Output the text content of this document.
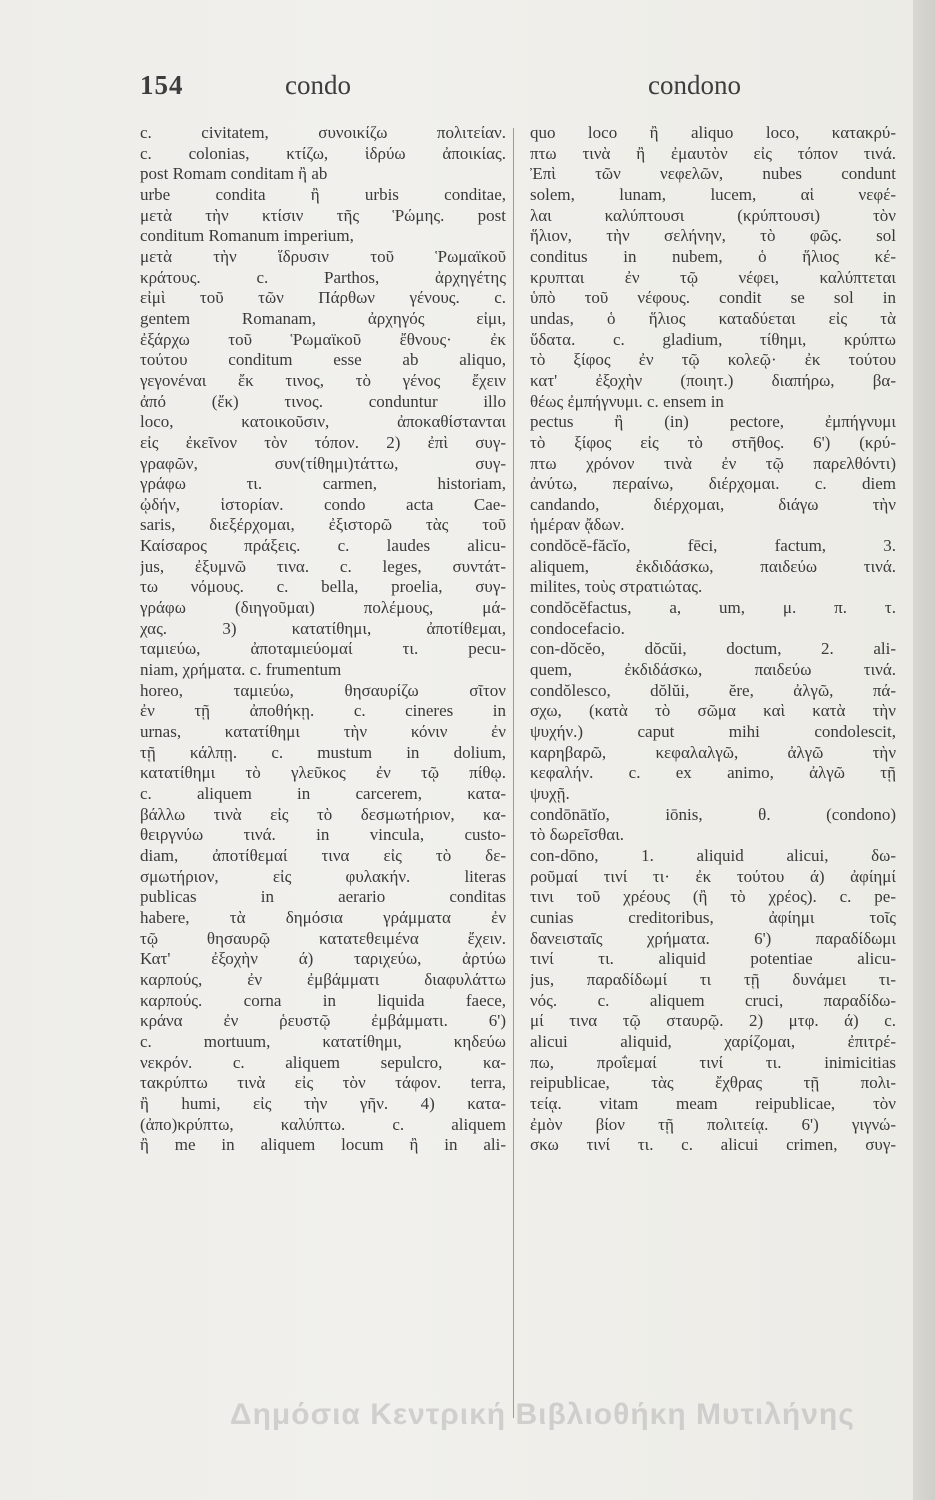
154	condo	condono
c. civitatem, συνοικίζω πολιτείαν.
c. colonias, κτίζω, ἱδρύω ἀποικίας.
post Romam conditam ἢ ab
urbe condita ἢ urbis conditae,
μετὰ τὴν κτίσιν τῆς Ῥώμης. post
conditum Romanum imperium,
μετὰ τὴν ἵδρυσιν τοῦ Ῥωμαϊκοῦ
κράτους. c. Parthos, ἀρχηγέτης
εἰμὶ τοῦ τῶν Πάρθων γένους. c.
gentem Romanam, ἀρχηγός εἰμι,
ἐξάρχω τοῦ Ῥωμαϊκοῦ ἔθνους· ἐκ
τούτου conditum esse ab aliquo,
γεγονέναι ἔκ τινος, τὸ γένος ἔχειν
ἀπό (ἔκ) τινος. conduntur illo
loco, κατοικοῦσιν, ἀποκαθίστανται
εἰς ἐκεῖνον τὸν τόπον. 2) ἐπὶ συγ-
γραφῶν, συν(τίθημι)τάττω, συγ-
γράφω τι. carmen, historiam,
ᾠδήν, ἱστορίαν. condo acta Cae-
saris, διεξέρχομαι, ἐξιστορῶ τὰς τοῦ
Καίσαρος πράξεις. c. laudes alicu-
jus, ἐξυμνῶ τινα. c. leges, συντάτ-
τω νόμους. c. bella, proelia, συγ-
γράφω (διηγοῦμαι) πολέμους, μά-
χας. 3) κατατίθημι, ἀποτίθεμαι,
ταμιεύω, ἀποταμιεύομαί τι. pecu-
niam, χρήματα. c. frumentum
horeo, ταμιεύω, θησαυρίζω σῖτον
ἐν τῇ ἀποθήκῃ. c. cineres in
urnas, κατατίθημι τὴν κόνιν ἐν
τῇ κάλπῃ. c. mustum in dolium,
κατατίθημι τὸ γλεῦκος ἐν τῷ πίθῳ.
c. aliquem in carcerem, κατα-
βάλλω τινὰ εἰς τὸ δεσμωτήριον, κα-
θειργνύω τινά. in vincula, custo-
diam, ἀποτίθεμαί τινα εἰς τὸ δε-
σμωτήριον, εἰς φυλακήν. literas
publicas in aerario conditas
habere, τὰ δημόσια γράμματα ἐν
τῷ θησαυρῷ κατατεθειμένα ἔχειν.
Κατ' ἐξοχὴν ά) ταριχεύω, ἀρτύω
καρπούς, ἐν ἐμβάμματι διαφυλάττω
καρπούς. corna in liquida faece,
κράνα ἐν ῥευστῷ ἐμβάμματι. 6')
c. mortuum, κατατίθημι, κηδεύω
νεκρόν. c. aliquem sepulcro, κα-
τακρύπτω τινὰ εἰς τὸν τάφον. terra,
ἢ humi, εἰς τὴν γῆν. 4) κατα-
(ἀπο)κρύπτω, καλύπτω. c. aliquem
ἢ me in aliquem locum ἢ in ali-
quo loco ἢ aliquo loco, κατακρύ-
πτω τινὰ ἢ ἐμαυτὸν εἰς τόπον τινά.
Ἐπὶ τῶν νεφελῶν, nubes condunt
solem, lunam, lucem, αἱ νεφέ-
λαι καλύπτουσι (κρύπτουσι) τὸν
ἥλιον, τὴν σελήνην, τὸ φῶς. sol
conditus in nubem, ὁ ἥλιος κέ-
κρυπται ἐν τῷ νέφει, καλύπτεται
ὑπὸ τοῦ νέφους. condit se sol in
undas, ὁ ἥλιος καταδύεται εἰς τὰ
ὕδατα. c. gladium, τίθημι, κρύπτω
τὸ ξίφος ἐν τῷ κολεῷ· ἐκ τούτου
κατ' ἐξοχὴν (ποιητ.) διαπήρω, βα-
θέως ἐμπήγνυμι. c. ensem in
pectus ἢ (in) pectore, ἐμπήγνυμι
τὸ ξίφος εἰς τὸ στῆθος. 6') (κρύ-
πτω χρόνον τινὰ ἐν τῷ παρελθόντι)
ἀνύτω, περαίνω, διέρχομαι. c. diem
candando, διέρχομαι, διάγω τὴν
ἡμέραν ᾄδων.
condŏcĕ-făcĭo, fēci, factum, 3.
aliquem, ἐκδιδάσκω, παιδεύω τινά.
milites, τοὺς στρατιώτας.
condŏcĕfactus, a, um, μ. π. τ.
condocefacio.
con-dŏcĕo, dŏcŭi, doctum, 2. ali-
quem, ἐκδιδάσκω, παιδεύω τινά.
condŏlesco, dŏlŭi, ĕre, ἀλγῶ, πά-
σχω, (κατὰ τὸ σῶμα καὶ κατὰ τὴν
ψυχήν.) caput mihi condolescit,
καρηβαρῶ, κεφαλαλγῶ, ἀλγῶ τὴν
κεφαλήν. c. ex animo, ἀλγῶ τῇ
ψυχῇ.
condōnātĭo, iōnis, θ. (condono)
τὸ δωρεῖσθαι.
con-dōno, 1. aliquid alicui, δω-
ροῦμαί τινί τι· ἐκ τούτου ά) ἀφίημί
τινι τοῦ χρέους (ἢ τὸ χρέος). c. pe-
cunias creditoribus, ἀφίημι τοῖς
δανεισταῖς χρήματα. 6') παραδίδωμι
τινί τι. aliquid potentiae alicu-
jus, παραδίδωμί τι τῇ δυνάμει τι-
νός. c. aliquem cruci, παραδίδω-
μί τινα τῷ σταυρῷ. 2) μτφ. ά) c.
alicui aliquid, χαρίζομαι, ἐπιτρέ-
πω, προΐεμαί τινί τι. inimicitias
reipublicae, τὰς ἔχθρας τῇ πολι-
τείᾳ. vitam meam reipublicae, τὸν
ἐμὸν βίον τῇ πολιτείᾳ. 6') γιγνώ-
σκω τινί τι. c. alicui crimen, συγ-
Δημόσια Κεντρική Βιβλιοθήκη Μυτιλήνης
